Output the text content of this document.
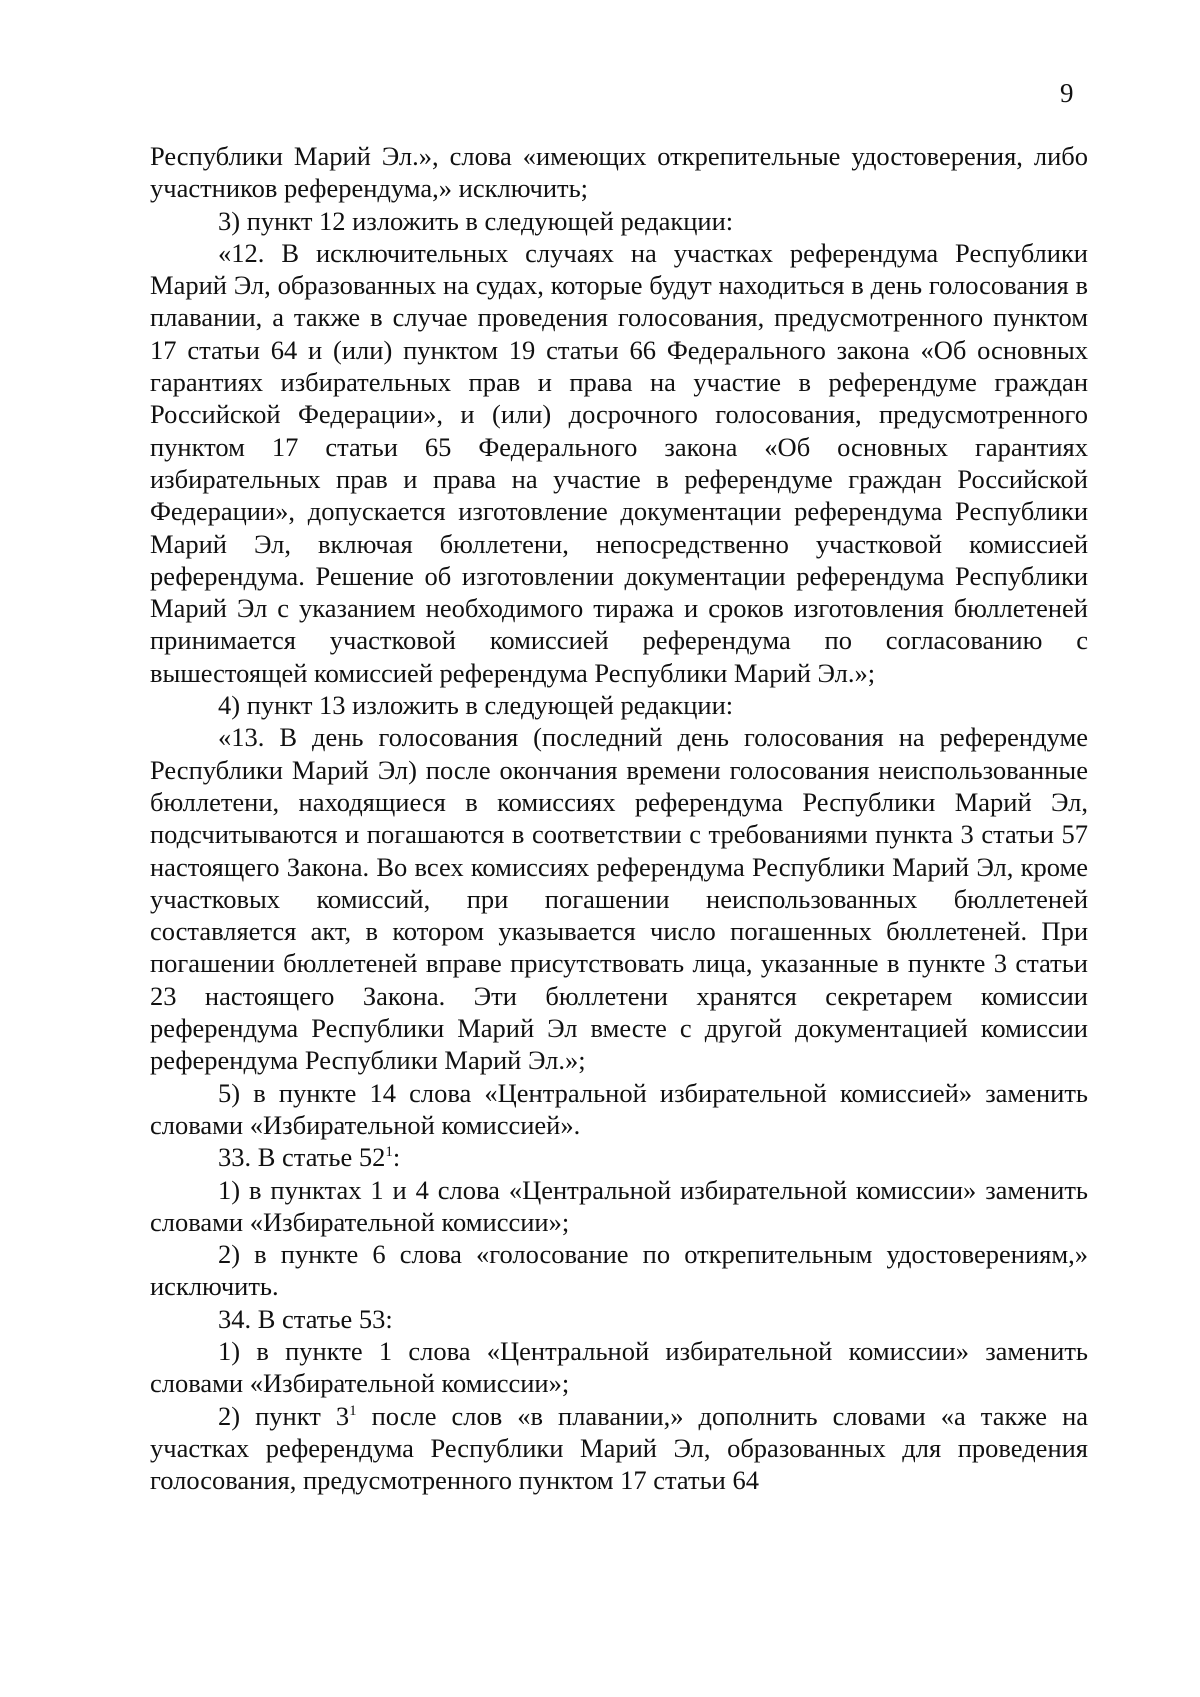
9

Республики Марий Эл.», слова «имеющих открепительные удостоверения, либо участников референдума,» исключить;

3) пункт 12 изложить в следующей редакции:

«12. В исключительных случаях на участках референдума Республики Марий Эл, образованных на судах, которые будут находиться в день голосования в плавании, а также в случае проведения голосования, предусмотренного пунктом 17 статьи 64 и (или) пунктом 19 статьи 66 Федерального закона «Об основных гарантиях избирательных прав и права на участие в референдуме граждан Российской Федерации», и (или) досрочного голосования, предусмотренного пунктом 17 статьи 65 Федерального закона «Об основных гарантиях избирательных прав и права на участие в референдуме граждан Российской Федерации», допускается изготовление документации референдума Республики Марий Эл, включая бюллетени, непосредственно участковой комиссией референдума. Решение об изготовлении документации референдума Республики Марий Эл с указанием необходимого тиража и сроков изготовления бюллетеней принимается участковой комиссией референдума по согласованию с вышестоящей комиссией референдума Республики Марий Эл.»;

4) пункт 13 изложить в следующей редакции:

«13. В день голосования (последний день голосования на референдуме Республики Марий Эл) после окончания времени голосования неиспользованные бюллетени, находящиеся в комиссиях референдума Республики Марий Эл, подсчитываются и погашаются в соответствии с требованиями пункта 3 статьи 57 настоящего Закона. Во всех комиссиях референдума Республики Марий Эл, кроме участковых комиссий, при погашении неиспользованных бюллетеней составляется акт, в котором указывается число погашенных бюллетеней. При погашении бюллетеней вправе присутствовать лица, указанные в пункте 3 статьи 23 настоящего Закона. Эти бюллетени хранятся секретарем комиссии референдума Республики Марий Эл вместе с другой документацией комиссии референдума Республики Марий Эл.»;

5) в пункте 14 слова «Центральной избирательной комиссией» заменить словами «Избирательной комиссией».

33. В статье $52^1$:

1) в пунктах 1 и 4 слова «Центральной избирательной комиссии» заменить словами «Избирательной комиссии»;

2) в пункте 6 слова «голосование по открепительным удостоверениям,» исключить.

34. В статье 53:

1) в пункте 1 слова «Центральной избирательной комиссии» заменить словами «Избирательной комиссии»;

2) пункт $3^1$ после слов «в плавании,» дополнить словами «а также на участках референдума Республики Марий Эл, образованных для проведения голосования, предусмотренного пунктом 17 статьи 64
